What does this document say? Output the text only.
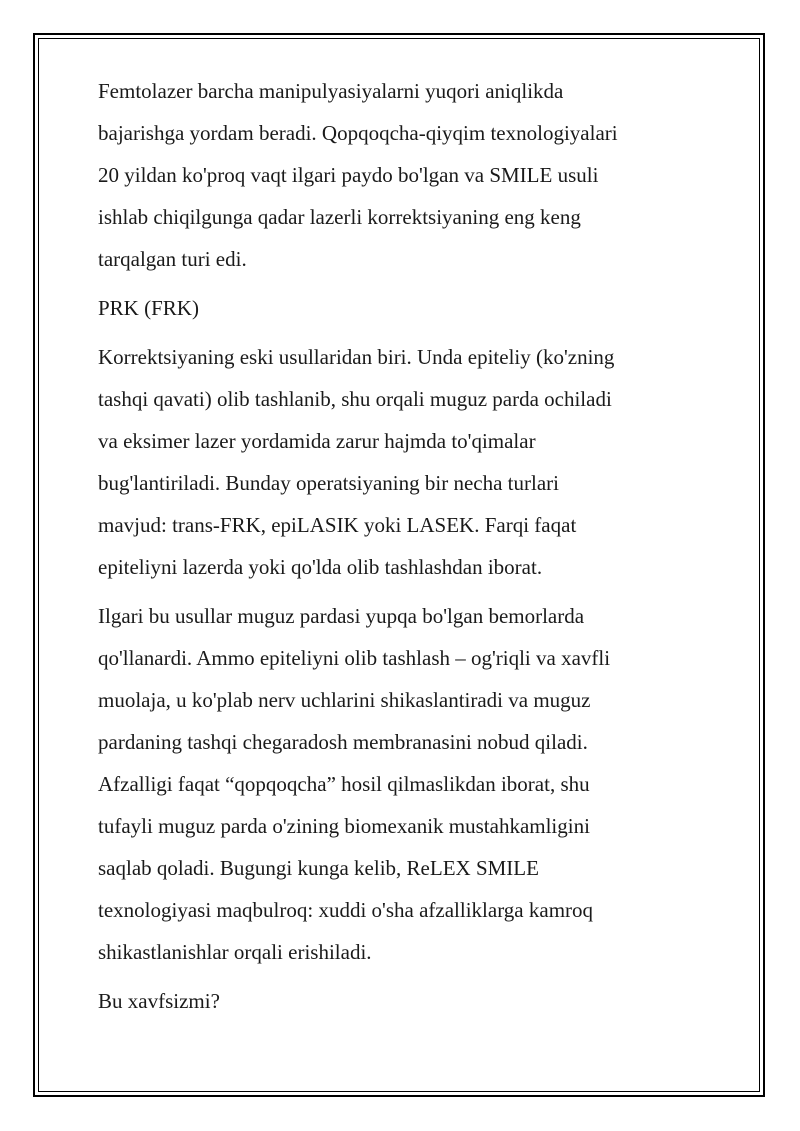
Femtolazer barcha manipulyasiyalarni yuqori aniqlikda
bajarishga yordam beradi. Qopqoqcha-qiyqim texnologiyalari
20 yildan ko'proq vaqt ilgari paydo bo'lgan va SMILE usuli
ishlab chiqilgunga qadar lazerli korrektsiyaning eng keng
tarqalgan turi edi.

PRK (FRK)

Korrektsiyaning eski usullaridan biri. Unda epiteliy (ko'zning
tashqi qavati) olib tashlanib, shu orqali muguz parda ochiladi
va eksimer lazer yordamida zarur hajmda to'qimalar
bug'lantiriladi. Bunday operatsiyaning bir necha turlari
mavjud: trans-FRK, epiLASIK yoki LASEK. Farqi faqat
epiteliyni lazerda yoki qo'lda olib tashlashdan iborat.

Ilgari bu usullar muguz pardasi yupqa bo'lgan bemorlarda
qo'llanardi. Ammo epiteliyni olib tashlash – og'riqli va xavfli
muolaja, u ko'plab nerv uchlarini shikaslantiradi va muguz
pardaning tashqi chegaradosh membranasini nobud qiladi.
Afzalligi faqat “qopqoqcha” hosil qilmaslikdan iborat, shu
tufayli muguz parda o'zining biomexanik mustahkamligini
saqlab qoladi. Bugungi kunga kelib, ReLEX SMILE
texnologiyasi maqbulroq: xuddi o'sha afzalliklarga kamroq
shikastlanishlar orqali erishiladi.

Bu xavfsizmi?
